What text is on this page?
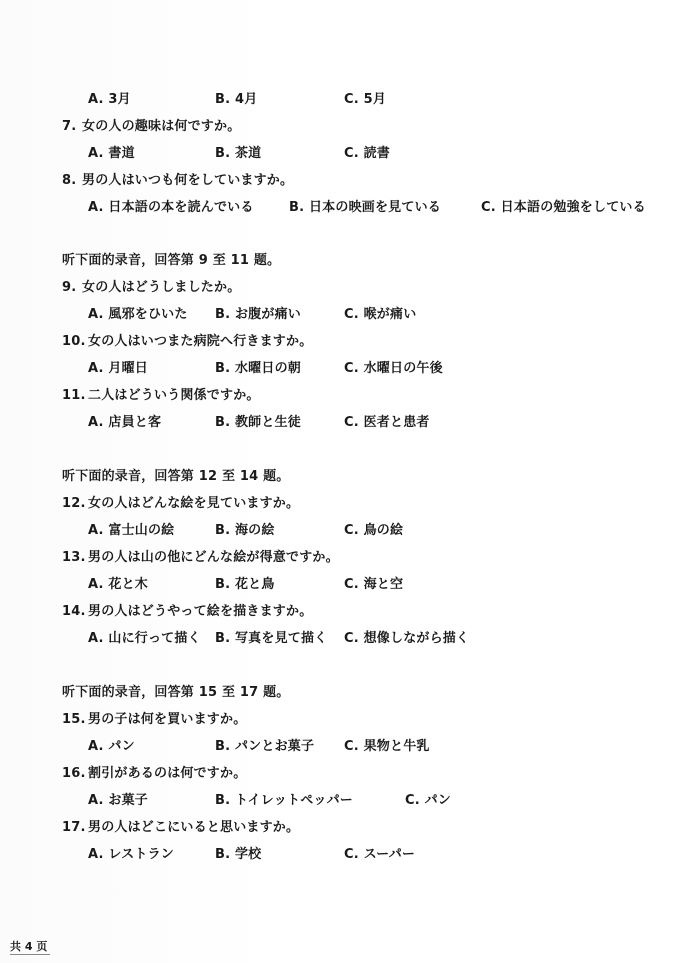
A. 3月	B. 4月	C. 5月
7. 女の人の趣味は何ですか。
A. 書道	B. 茶道	C. 読書
8. 男の人はいつも何をしていますか。
A. 日本語の本を読んでいる	B. 日本の映画を見ている	C. 日本語の勉強をしている
听下面的录音，回答第 9 至 11 题。
9. 女の人はどうしましたか。
A. 風邪をひいた B. お腹が痛い	C. 喉が痛い
10. 女の人はいつまた病院へ行きますか。
A. 月曜日	B. 水曜日の朝	C. 水曜日の午後
11. 二人はどういう関係ですか。
A. 店員と客	B. 教師と生徒	C. 医者と患者
听下面的录音，回答第 12 至 14 题。
12. 女の人はどんな絵を見ていますか。
A. 富士山の絵	B. 海の絵	C. 鳥の絵
13. 男の人は山の他にどんな絵が得意ですか。
A. 花と木	B. 花と鳥	C. 海と空
14. 男の人はどうやって絵を描きますか。
A. 山に行って描く B. 写真を見て描く C. 想像しながら描く
听下面的录音，回答第 15 至 17 题。
15. 男の子は何を買いますか。
A. パン	B. パンとお菓子 C. 果物と牛乳
16. 割引があるのは何ですか。
A. お菓子	B. トイレットペッパー	C. パン
17. 男の人はどこにいると思いますか。
A. レストラン	B. 学校	C. スーパー
共 4 页
